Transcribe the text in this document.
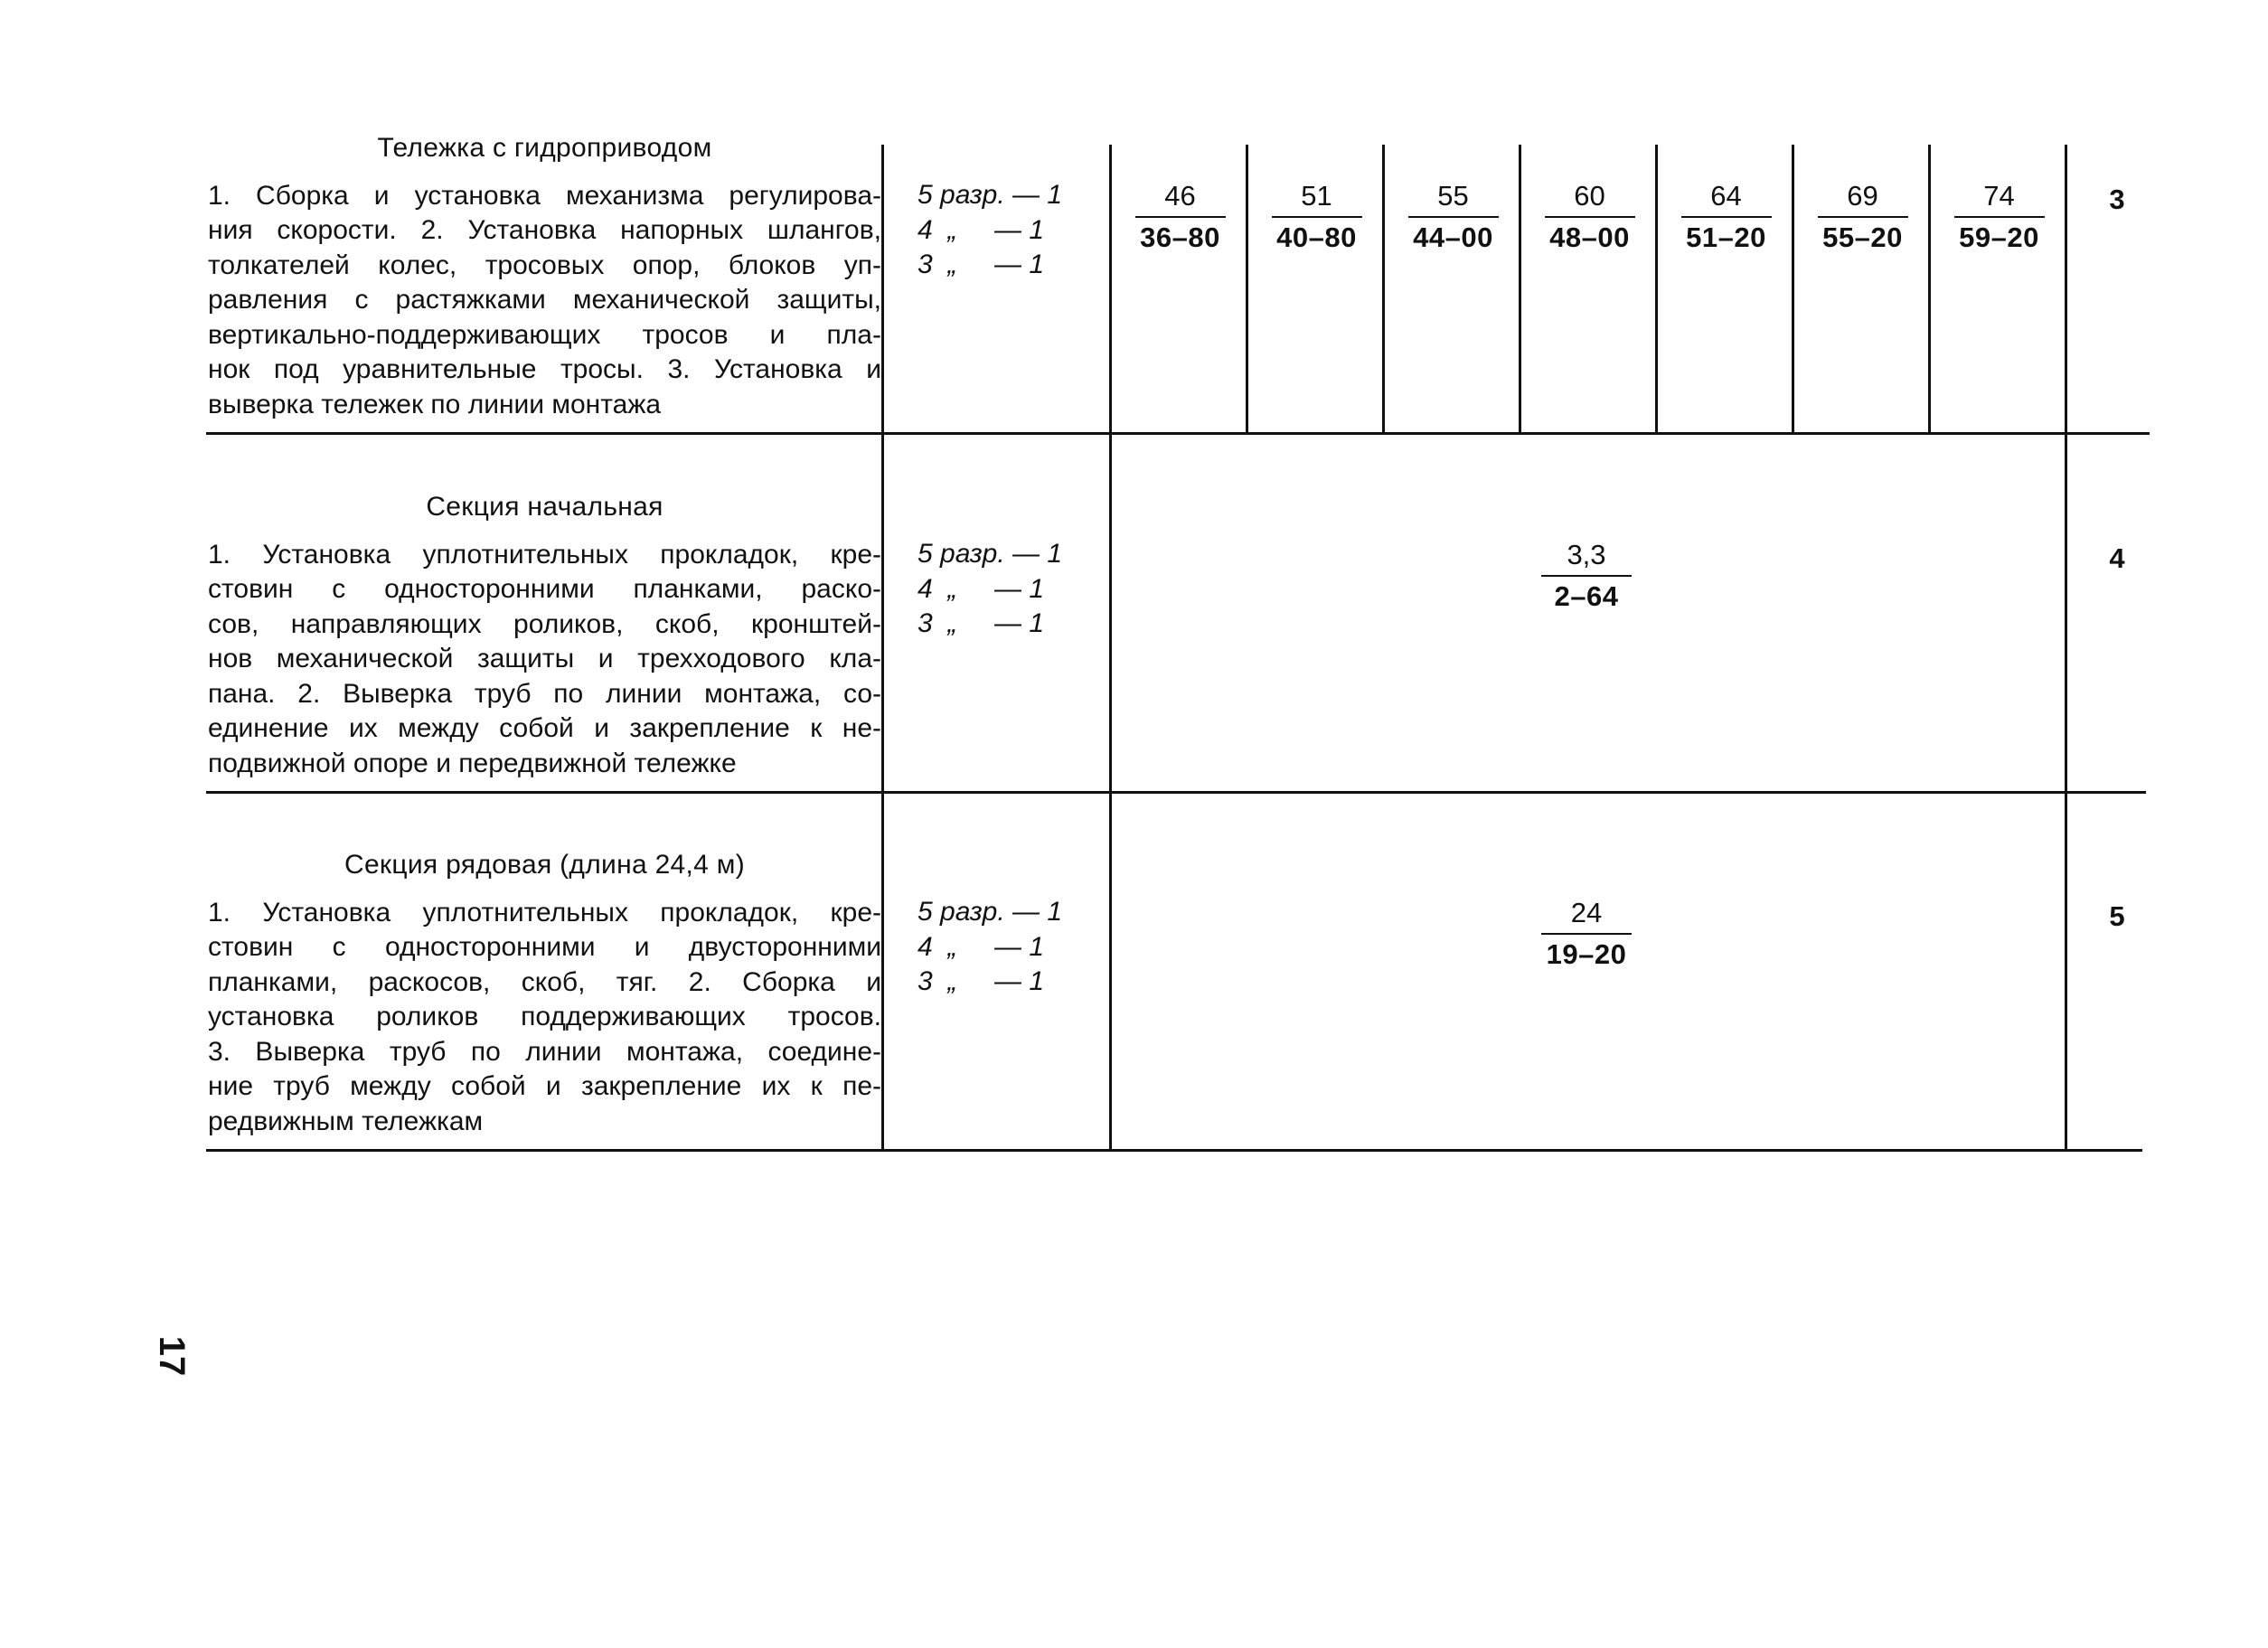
Тележка с гидроприводом
1. Сборка и установка механизма регулирова-
ния скорости. 2. Установка напорных шлангов,
толкателей колес, тросовых опор, блоков уп-
равления с растяжками механической защиты,
вертикально-поддерживающих тросов и пла-
нок под уравнительные тросы. 3. Установка и
выверка тележек по линии монтажа
5 разр. — 1
4  „     — 1
3  „     — 1
46
36–80
51
40–80
55
44–00
60
48–00
64
51–20
69
55–20
74
59–20
3
Секция начальная
1. Установка уплотнительных прокладок, кре-
стовин с односторонними планками, раско-
сов, направляющих роликов, скоб, кронштей-
нов механической защиты и трехходового кла-
пана. 2. Выверка труб по линии монтажа, со-
единение их между собой и закрепление к не-
подвижной опоре и передвижной тележке
5 разр. — 1
4  „     — 1
3  „     — 1
3,3
2–64
4
Секция рядовая (длина 24,4 м)
1. Установка уплотнительных прокладок, кре-
стовин с односторонними и двусторонними
планками, раскосов, скоб, тяг. 2. Сборка и
установка роликов поддерживающих тросов.
3. Выверка труб по линии монтажа, соедине-
ние труб между собой и закрепление их к пе-
редвижным тележкам
5 разр. — 1
4  „     — 1
3  „     — 1
24
19–20
5
17
